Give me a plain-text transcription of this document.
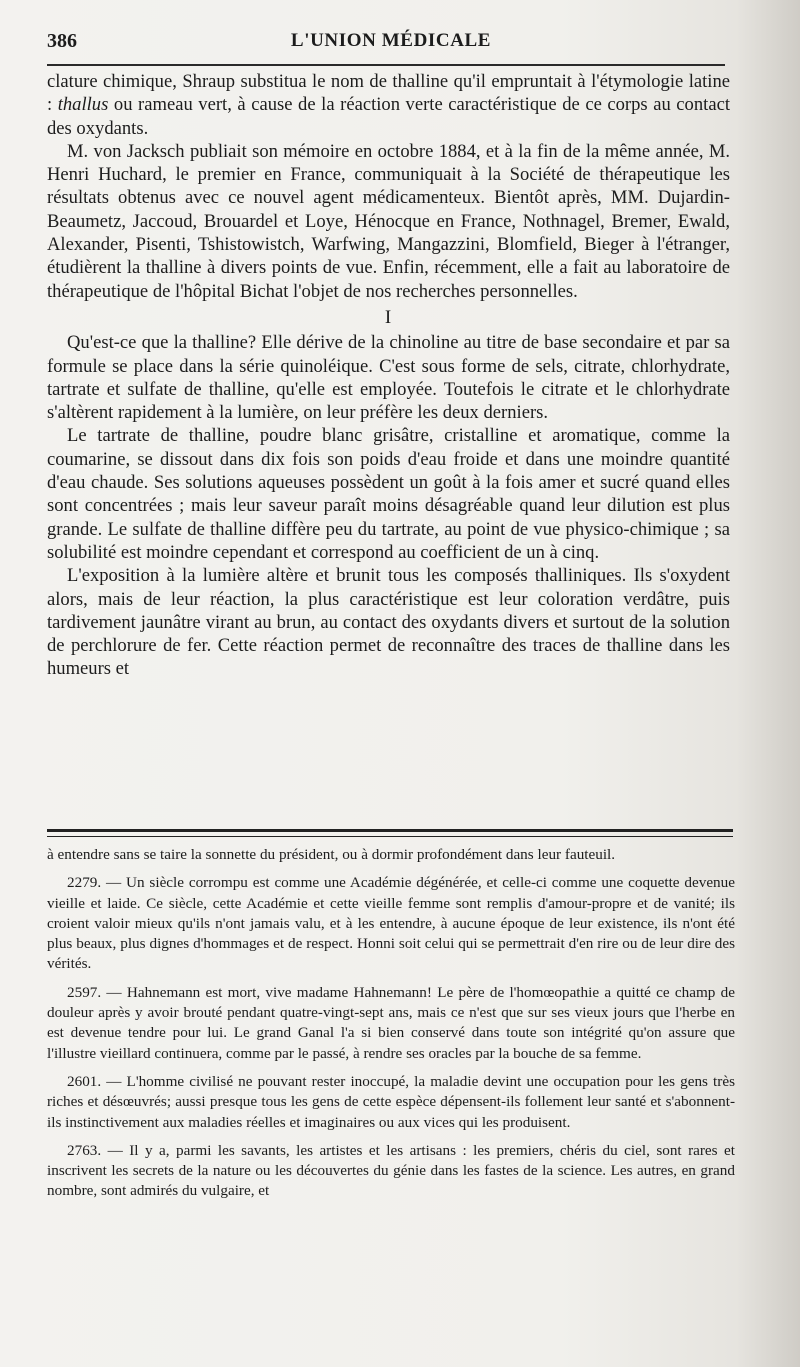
386	L'UNION MÉDICALE

clature chimique, Shraup substitua le nom de thalline qu'il empruntait à l'étymologie latine : thallus ou rameau vert, à cause de la réaction verte caractéristique de ce corps au contact des oxydants.

M. von Jacksch publiait son mémoire en octobre 1884, et à la fin de la même année, M. Henri Huchard, le premier en France, communiquait à la Société de thérapeutique les résultats obtenus avec ce nouvel agent médicamenteux. Bientôt après, MM. Dujardin-Beaumetz, Jaccoud, Brouardel et Loye, Hénocque en France, Nothnagel, Bremer, Ewald, Alexander, Pisenti, Tshistowistch, Warfwing, Mangazzini, Blomfield, Bieger à l'étranger, étudièrent la thalline à divers points de vue. Enfin, récemment, elle a fait au laboratoire de thérapeutique de l'hôpital Bichat l'objet de nos recherches personnelles.

I

Qu'est-ce que la thalline? Elle dérive de la chinoline au titre de base secondaire et par sa formule se place dans la série quinoléique. C'est sous forme de sels, citrate, chlorhydrate, tartrate et sulfate de thalline, qu'elle est employée. Toutefois le citrate et le chlorhydrate s'altèrent rapidement à la lumière, on leur préfère les deux derniers.

Le tartrate de thalline, poudre blanc grisâtre, cristalline et aromatique, comme la coumarine, se dissout dans dix fois son poids d'eau froide et dans une moindre quantité d'eau chaude. Ses solutions aqueuses possèdent un goût à la fois amer et sucré quand elles sont concentrées ; mais leur saveur paraît moins désagréable quand leur dilution est plus grande. Le sulfate de thalline diffère peu du tartrate, au point de vue physico-chimique ; sa solubilité est moindre cependant et correspond au coefficient de un à cinq.

L'exposition à la lumière altère et brunit tous les composés thalliniques. Ils s'oxydent alors, mais de leur réaction, la plus caractéristique est leur coloration verdâtre, puis tardivement jaunâtre virant au brun, au contact des oxydants divers et surtout de la solution de perchlorure de fer. Cette réaction permet de reconnaître des traces de thalline dans les humeurs et

à entendre sans se taire la sonnette du président, ou à dormir profondément dans leur fauteuil.

2279. — Un siècle corrompu est comme une Académie dégénérée, et celle-ci comme une coquette devenue vieille et laide. Ce siècle, cette Académie et cette vieille femme sont remplis d'amour-propre et de vanité; ils croient valoir mieux qu'ils n'ont jamais valu, et à les entendre, à aucune époque de leur existence, ils n'ont été plus beaux, plus dignes d'hommages et de respect. Honni soit celui qui se permettrait d'en rire ou de leur dire des vérités.

2597. — Hahnemann est mort, vive madame Hahnemann! Le père de l'homœopathie a quitté ce champ de douleur après y avoir brouté pendant quatre-vingt-sept ans, mais ce n'est que sur ses vieux jours que l'herbe en est devenue tendre pour lui. Le grand Ganal l'a si bien conservé dans toute son intégrité qu'on assure que l'illustre vieillard continuera, comme par le passé, à rendre ses oracles par la bouche de sa femme.

2601. — L'homme civilisé ne pouvant rester inoccupé, la maladie devint une occupation pour les gens très riches et désœuvrés; aussi presque tous les gens de cette espèce dépensent-ils follement leur santé et s'abonnent-ils instinctivement aux maladies réelles et imaginaires ou aux vices qui les produisent.

2763. — Il y a, parmi les savants, les artistes et les artisans : les premiers, chéris du ciel, sont rares et inscrivent les secrets de la nature ou les découvertes du génie dans les fastes de la science. Les autres, en grand nombre, sont admirés du vulgaire, et
